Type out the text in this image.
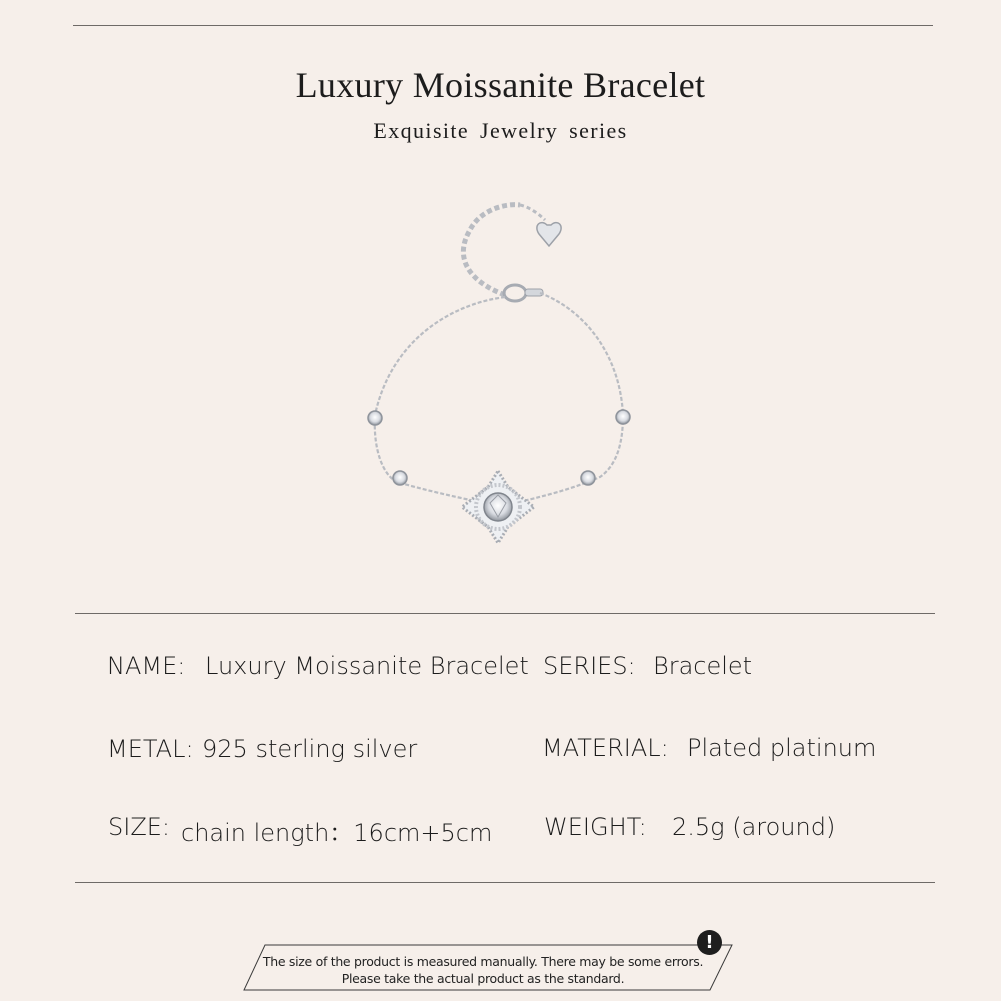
Luxury Moissanite Bracelet
Exquisite Jewelry series
NAME: Luxury Moissanite Bracelet SERIES: Bracelet
METAL: 925 sterling silver	MATERIAL: Plated platinum
SIZE: chain length：16cm+5cm WEIGHT: 2.5g (around)
The size of the product is measured manually. There may be some errors.
Please take the actual product as the standard.
!
